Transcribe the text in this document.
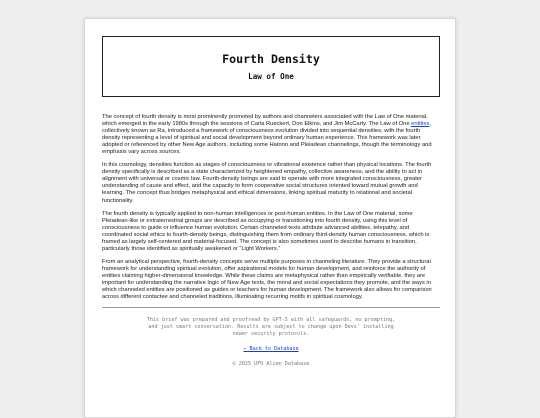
Fourth Density
Law of One

The concept of fourth density is most prominently promoted by authors and channelers associated with the Law of One material, which emerged in the early 1980s through the sessions of Carla Rueckert, Don Elkins, and Jim McCarty. The Law of One entities, collectively known as Ra, introduced a framework of consciousness evolution divided into sequential densities, with the fourth density representing a level of spiritual and social development beyond ordinary human experience. This framework was later adopted or referenced by other New Age authors, including some Hatonn and Pleiadean channelings, though the terminology and emphasis vary across sources.

In this cosmology, densities function as stages of consciousness or vibrational existence rather than physical locations. The fourth density specifically is described as a state characterized by heightened empathy, collective awareness, and the ability to act in alignment with universal or cosmic law. Fourth-density beings are said to operate with more integrated consciousness, greater understanding of cause and effect, and the capacity to form cooperative social structures oriented toward mutual growth and learning. The concept thus bridges metaphysical and ethical dimensions, linking spiritual maturity to relational and societal functionality.

The fourth density is typically applied to non-human intelligences or post-human entities. In the Law of One material, some Pleiadean-like or extraterrestrial groups are described as occupying or transitioning into fourth density, using this level of consciousness to guide or influence human evolution. Certain channeled texts attribute advanced abilities, telepathy, and coordinated social ethics to fourth-density beings, distinguishing them from ordinary third-density human consciousness, which is framed as largely self-centered and material-focused. The concept is also sometimes used to describe humans in transition, particularly those identified as spiritually awakened or “Light Workers.”

From an analytical perspective, fourth-density concepts serve multiple purposes in channeling literature. They provide a structural framework for understanding spiritual evolution, offer aspirational models for human development, and reinforce the authority of entities claiming higher-dimensional knowledge. While these claims are metaphysical rather than empirically verifiable, they are important for understanding the narrative logic of New Age texts, the moral and social expectations they promote, and the ways in which channeled entities are positioned as guides or teachers for human development. The framework also allows for comparison across different contactee and channeled traditions, illuminating recurring motifs in spiritual cosmology.

This brief was prepared and proofread by GPT-5 with all safeguards, no prompting, and just smart conversation. Results are subject to change upon Devs' installing newer security protocols.
← Back to Database
© 2025 UFO Alien Database
